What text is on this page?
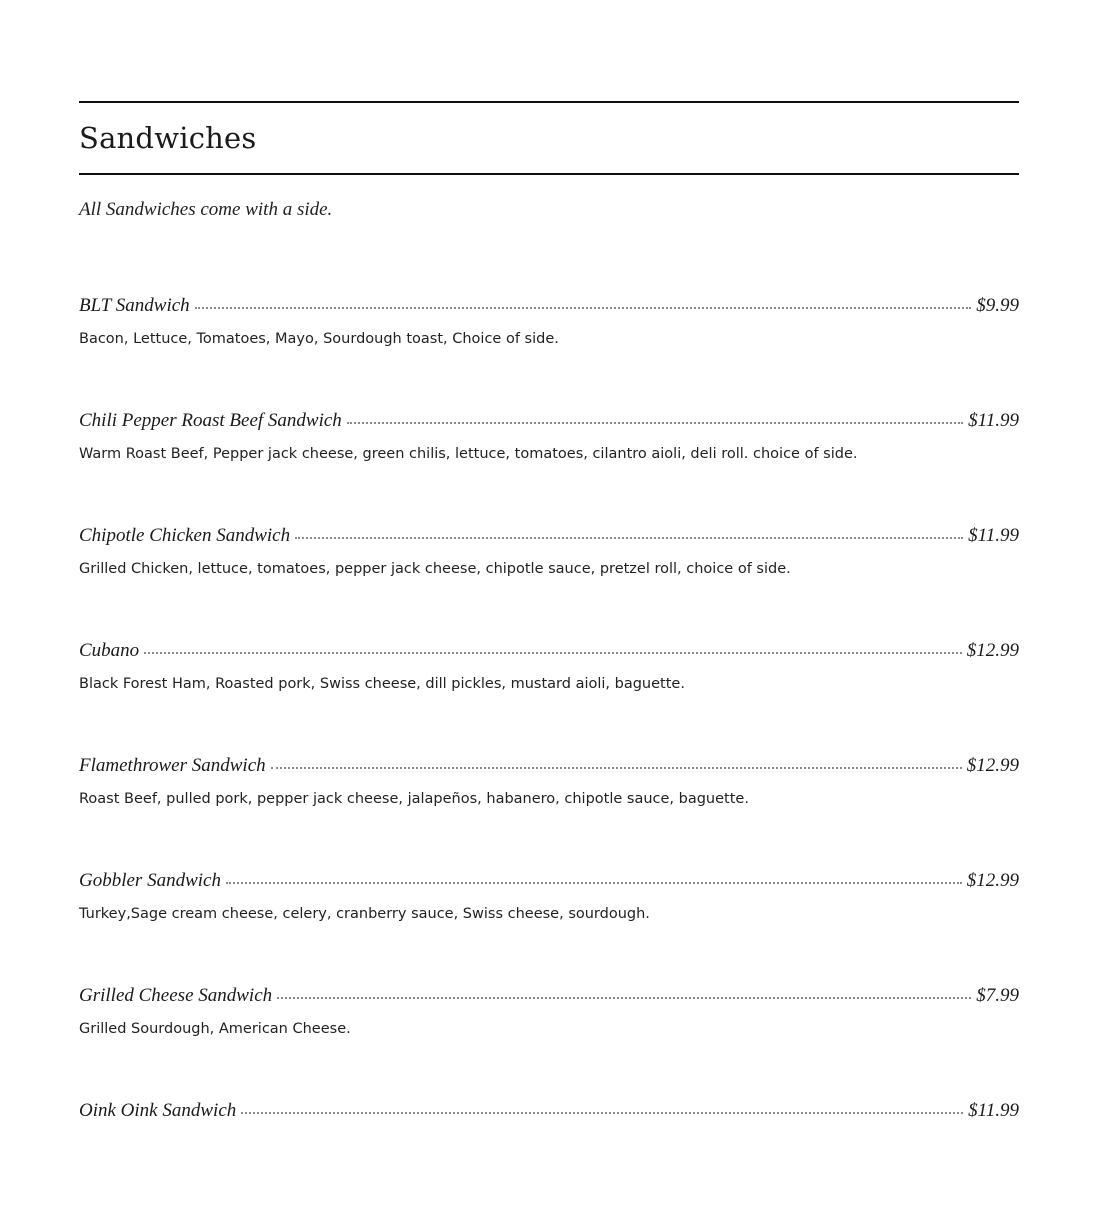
Sandwiches

All Sandwiches come with a side.

BLT Sandwich	$9.99
Bacon, Lettuce, Tomatoes, Mayo, Sourdough toast, Choice of side.
Chili Pepper Roast Beef Sandwich	$11.99
Warm Roast Beef, Pepper jack cheese, green chilis, lettuce, tomatoes, cilantro aioli, deli roll. choice of side.
Chipotle Chicken Sandwich	$11.99
Grilled Chicken, lettuce, tomatoes, pepper jack cheese, chipotle sauce, pretzel roll, choice of side.
Cubano	$12.99
Black Forest Ham, Roasted pork, Swiss cheese, dill pickles, mustard aioli, baguette.
Flamethrower Sandwich	$12.99
Roast Beef, pulled pork, pepper jack cheese, jalapeños, habanero, chipotle sauce, baguette.
Gobbler Sandwich	$12.99
Turkey,Sage cream cheese, celery, cranberry sauce, Swiss cheese, sourdough.
Grilled Cheese Sandwich	$7.99
Grilled Sourdough, American Cheese.
Oink Oink Sandwich	$11.99
